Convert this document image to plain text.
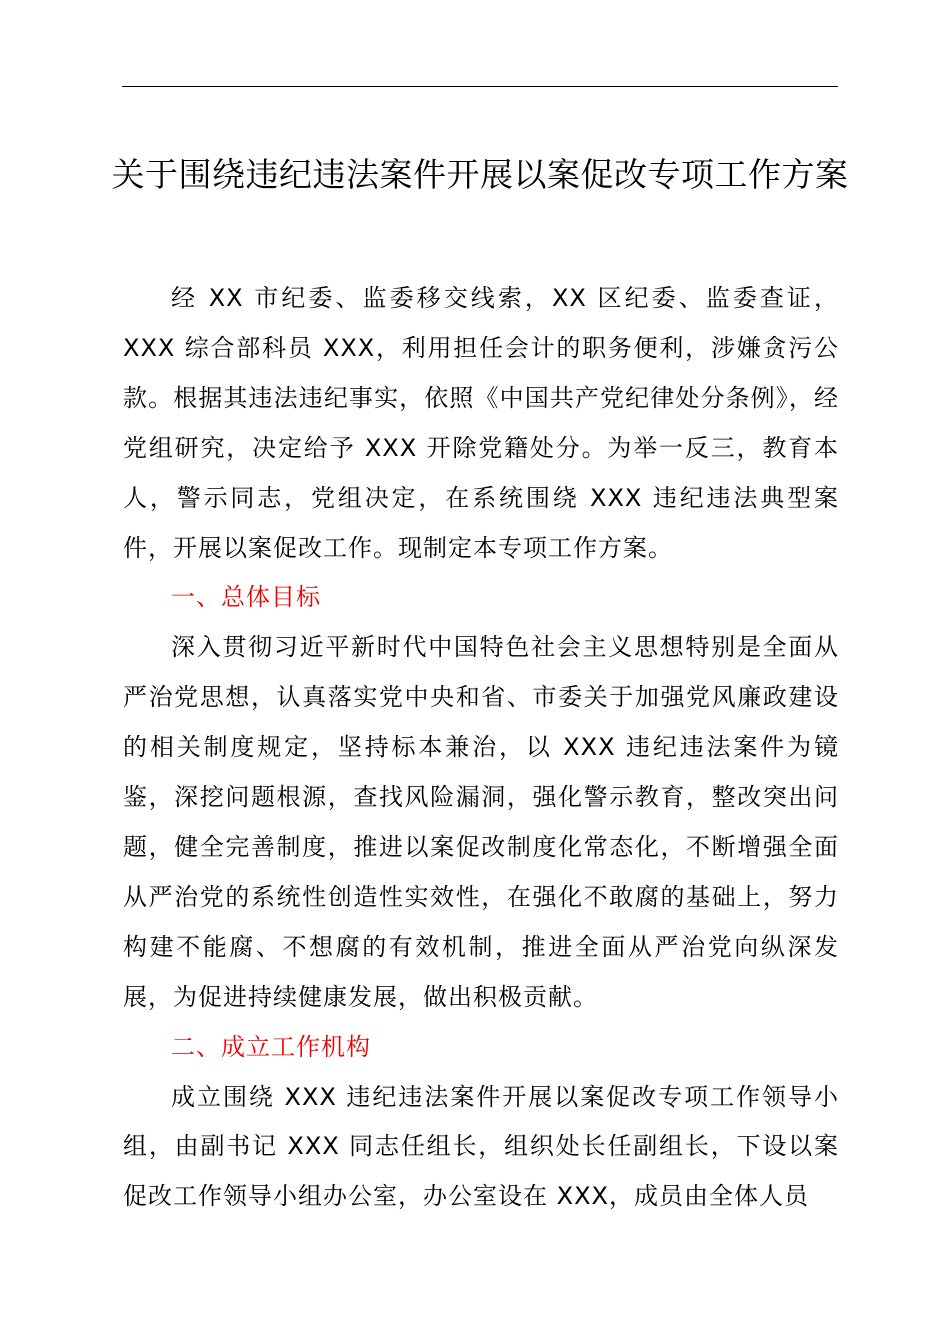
关于围绕违纪违法案件开展以案促改专项工作方案

经 XX 市纪委、监委移交线索，XX 区纪委、监委查证，XXX 综合部科员 XXX，利用担任会计的职务便利，涉嫌贪污公款。根据其违法违纪事实，依照《中国共产党纪律处分条例》，经党组研究，决定给予 XXX 开除党籍处分。为举一反三，教育本人，警示同志，党组决定，在系统围绕 XXX 违纪违法典型案件，开展以案促改工作。现制定本专项工作方案。

一、总体目标

深入贯彻习近平新时代中国特色社会主义思想特别是全面从严治党思想，认真落实党中央和省、市委关于加强党风廉政建设的相关制度规定，坚持标本兼治，以 XXX 违纪违法案件为镜鉴，深挖问题根源，查找风险漏洞，强化警示教育，整改突出问题，健全完善制度，推进以案促改制度化常态化，不断增强全面从严治党的系统性创造性实效性，在强化不敢腐的基础上，努力构建不能腐、不想腐的有效机制，推进全面从严治党向纵深发展，为促进持续健康发展，做出积极贡献。

二、成立工作机构

成立围绕 XXX 违纪违法案件开展以案促改专项工作领导小组，由副书记 XXX 同志任组长，组织处长任副组长，下设以案促改工作领导小组办公室，办公室设在 XXX，成员由全体人员
